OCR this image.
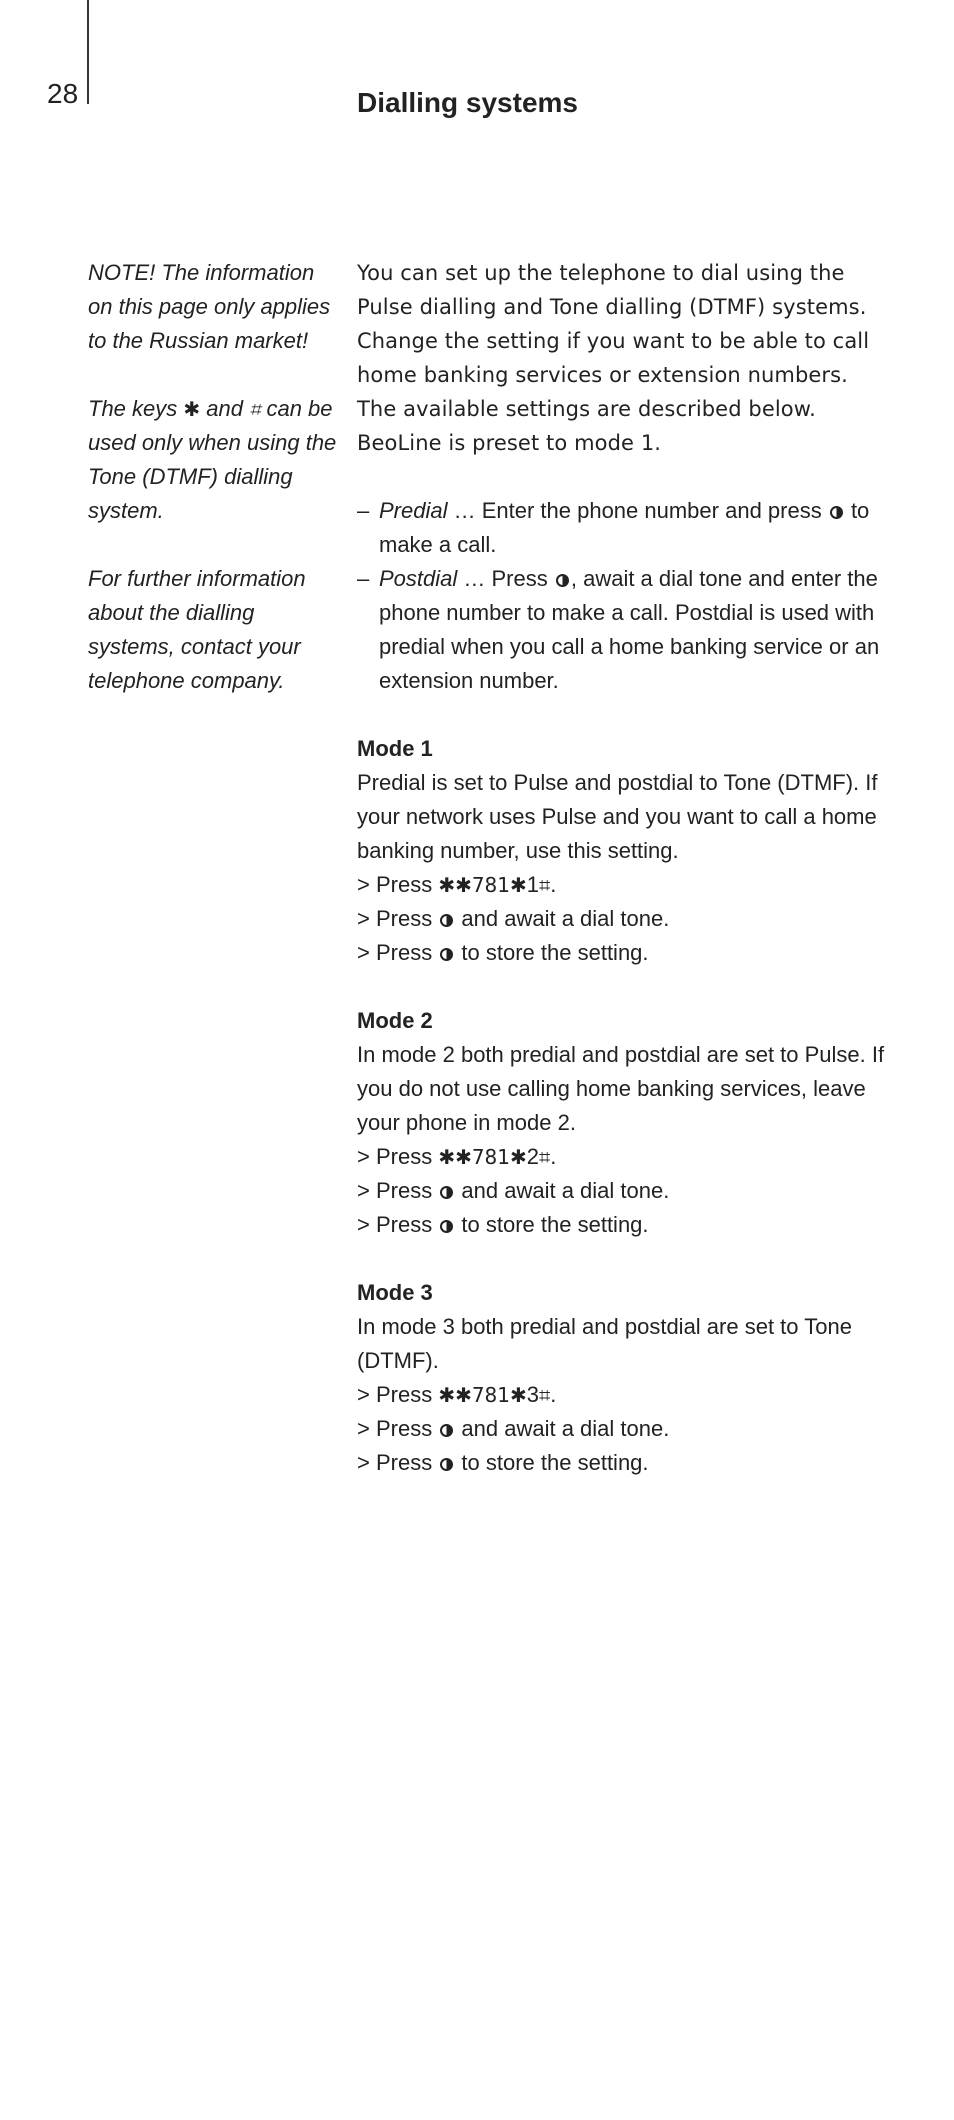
28	Dialling systems

NOTE! The information on this page only applies to the Russian market!

The keys ✱ and ⌗ can be used only when using the Tone (DTMF) dialling system.

For further information about the dialling systems, contact your telephone company.

You can set up the telephone to dial using the Pulse dialling and Tone dialling (DTMF) systems. Change the setting if you want to be able to call home banking services or extension numbers. The available settings are described below. BeoLine is preset to mode 1.

– Predial … Enter the phone number and press  to make a call.
– Postdial … Press , await a dial tone and enter the phone number to make a call. Postdial is used with predial when you call a home banking service or an extension number.

Mode 1

Predial is set to Pulse and postdial to Tone (DTMF). If your network uses Pulse and you want to call a home banking number, use this setting.

> Press ✱✱781✱1⌗.

> Press  and await a dial tone.

> Press  to store the setting.

Mode 2

In mode 2 both predial and postdial are set to Pulse. If you do not use calling home banking services, leave your phone in mode 2.

> Press ✱✱781✱2⌗.

> Press  and await a dial tone.

> Press  to store the setting.

Mode 3

In mode 3 both predial and postdial are set to Tone (DTMF).

> Press ✱✱781✱3⌗.

> Press  and await a dial tone.

> Press  to store the setting.
